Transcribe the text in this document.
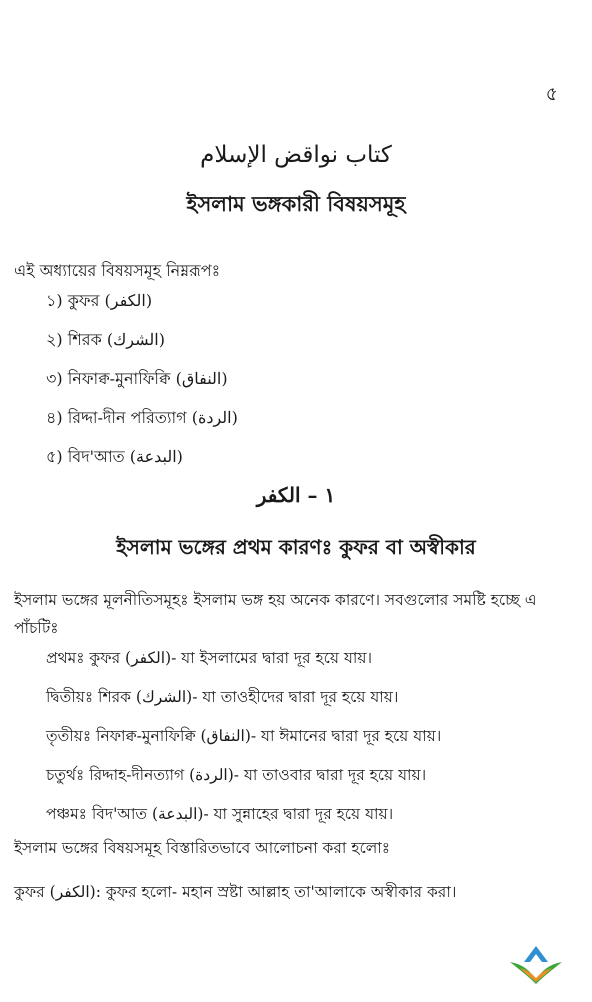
৫
كتاب نواقض الإسلام
ইসলাম ভঙ্গকারী বিষয়সমূহ
এই অধ্যায়ের বিষয়সমূহ নিম্নরূপঃ
১) কুফর (الكفر)
২) শিরক (الشرك)
৩) নিফাক্ব-মুনাফিক্বি (النفاق)
৪) রিদ্দা-দীন পরিত্যাগ (الردة)
৫) বিদ'আত (البدعة)
١ – الكفر
ইসলাম ভঙ্গের প্রথম কারণঃ কুফর বা অস্বীকার
ইসলাম ভঙ্গের মূলনীতিসমূহঃ ইসলাম ভঙ্গ হয় অনেক কারণে। সবগুলোর সমষ্টি হচ্ছে এ পাঁচটিঃ
প্রথমঃ কুফর (الكفر)- যা ইসলামের দ্বারা দূর হয়ে যায়।
দ্বিতীয়ঃ শিরক (الشرك)- যা তাওহীদের দ্বারা দূর হয়ে যায়।
তৃতীয়ঃ নিফাক্ব-মুনাফিক্বি (النفاق)- যা ঈমানের দ্বারা দূর হয়ে যায়।
চতুর্থঃ রিদ্দাহ-দীনত্যাগ (الردة)- যা তাওবার দ্বারা দূর হয়ে যায়।
পঞ্চমঃ বিদ'আত (البدعة)- যা সুন্নাহের দ্বারা দূর হয়ে যায়।
ইসলাম ভঙ্গের বিষয়সমূহ বিস্তারিতভাবে আলোচনা করা হলোঃ
কুফর (الكفر): কুফর হলো- মহান স্রষ্টা আল্লাহ তা'আলাকে অস্বীকার করা।
